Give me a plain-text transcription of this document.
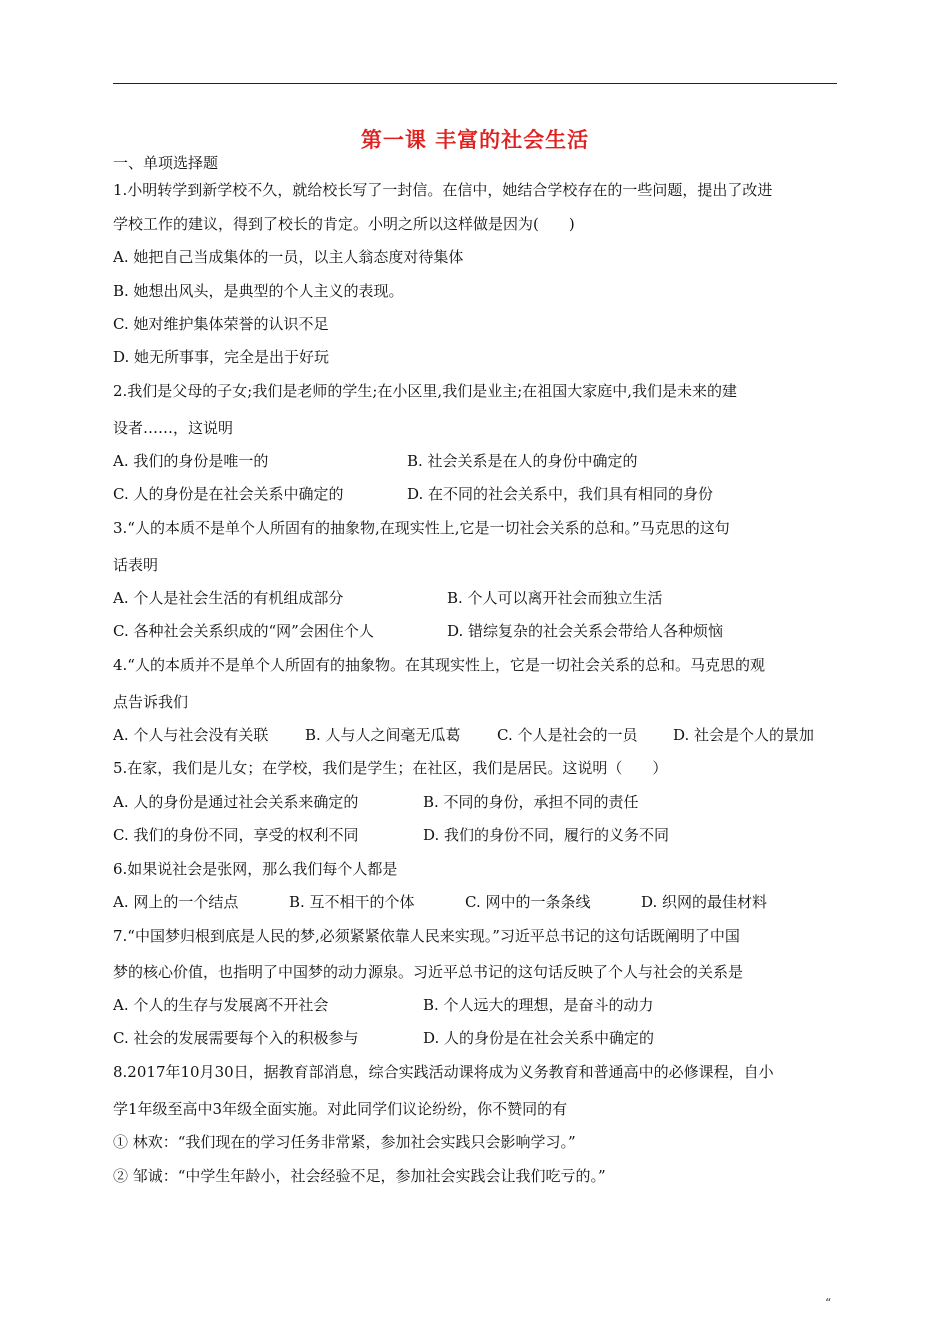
第一课 丰富的社会生活
一、单项选择题
1.小明转学到新学校不久，就给校长写了一封信。在信中，她结合学校存在的一些问题，提出了改进
学校工作的建议，得到了校长的肯定。小明之所以这样做是因为(　　)
A. 她把自己当成集体的一员，以主人翁态度对待集体
B. 她想出风头，是典型的个人主义的表现。
C. 她对维护集体荣誉的认识不足
D. 她无所事事，完全是出于好玩
2.我们是父母的子女;我们是老师的学生;在小区里,我们是业主;在祖国大家庭中,我们是未来的建
设者……，这说明
A. 我们的身份是唯一的	B. 社会关系是在人的身份中确定的
C. 人的身份是在社会关系中确定的	D. 在不同的社会关系中，我们具有相同的身份
3.“人的本质不是单个人所固有的抽象物,在现实性上,它是一切社会关系的总和。”马克思的这句
话表明
A. 个人是社会生活的有机组成部分	B. 个人可以离开社会而独立生活
C. 各种社会关系织成的“网”会困住个人	D. 错综复杂的社会关系会带给人各种烦恼
4.“人的本质并不是单个人所固有的抽象物。在其现实性上，它是一切社会关系的总和。马克思的观
点告诉我们
A. 个人与社会没有关联 B. 人与人之间毫无瓜葛 C. 个人是社会的一员 D. 社会是个人的景加
5.在家，我们是儿女；在学校，我们是学生；在社区，我们是居民。这说明（　　）
A. 人的身份是通过社会关系来确定的	B. 不同的身份，承担不同的责任
C. 我们的身份不同，享受的权利不同	D. 我们的身份不同，履行的义务不同
6.如果说社会是张网，那么我们每个人都是
A. 网上的一个结点	B. 互不相干的个体	C. 网中的一条条线	D. 织网的最佳材料
7.“中国梦归根到底是人民的梦,必须紧紧依靠人民来实现。”习近平总书记的这句话既阐明了中国
梦的核心价值，也指明了中国梦的动力源泉。习近平总书记的这句话反映了个人与社会的关系是
A. 个人的生存与发展离不开社会	B. 个人远大的理想，是奋斗的动力
C. 社会的发展需要每个入的积极参与	D. 人的身份是在社会关系中确定的
8.2017年10月30日，据教育部消息，综合实践活动课将成为义务教育和普通高中的必修课程，自小
学1年级至高中3年级全面实施。对此同学们议论纷纷，你不赞同的有
① 林欢：“我们现在的学习任务非常紧，参加社会实践只会影响学习。”
② 邹诚：“中学生年龄小，社会经验不足，参加社会实践会让我们吃亏的。”
“
